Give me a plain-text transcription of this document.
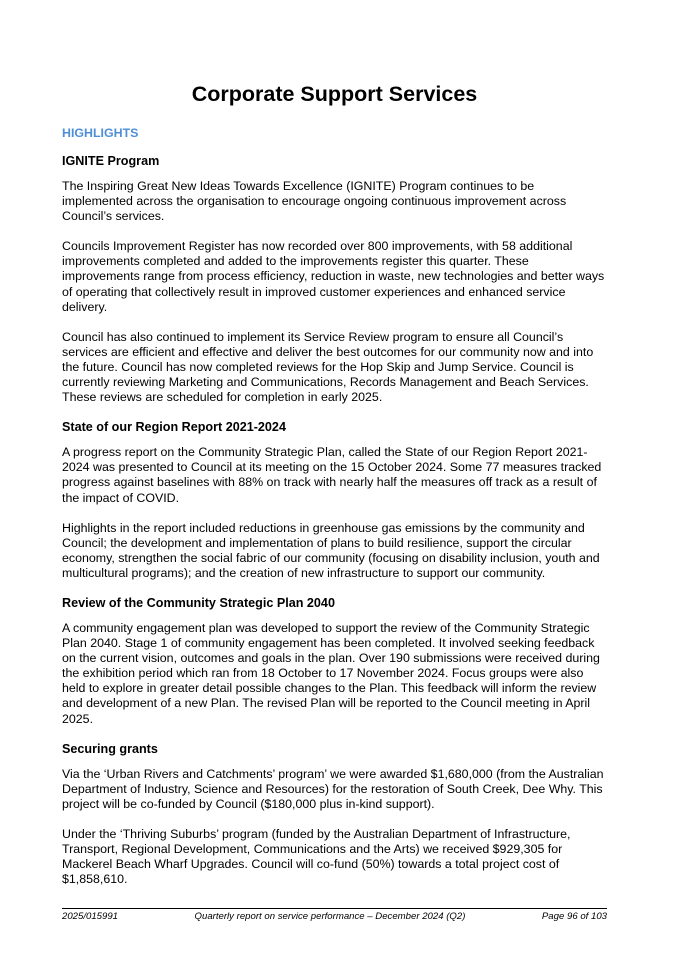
Corporate Support Services
HIGHLIGHTS
IGNITE Program

The Inspiring Great New Ideas Towards Excellence (IGNITE) Program continues to be implemented across the organisation to encourage ongoing continuous improvement across Council’s services.

Councils Improvement Register has now recorded over 800 improvements, with 58 additional improvements completed and added to the improvements register this quarter. These improvements range from process efficiency, reduction in waste, new technologies and better ways of operating that collectively result in improved customer experiences and enhanced service delivery.

Council has also continued to implement its Service Review program to ensure all Council’s services are efficient and effective and deliver the best outcomes for our community now and into the future. Council has now completed reviews for the Hop Skip and Jump Service. Council is currently reviewing Marketing and Communications, Records Management and Beach Services. These reviews are scheduled for completion in early 2025.

State of our Region Report 2021-2024

A progress report on the Community Strategic Plan, called the State of our Region Report 2021-2024 was presented to Council at its meeting on the 15 October 2024. Some 77 measures tracked progress against baselines with 88% on track with nearly half the measures off track as a result of the impact of COVID.

Highlights in the report included reductions in greenhouse gas emissions by the community and Council; the development and implementation of plans to build resilience, support the circular economy, strengthen the social fabric of our community (focusing on disability inclusion, youth and multicultural programs); and the creation of new infrastructure to support our community.

Review of the Community Strategic Plan 2040

A community engagement plan was developed to support the review of the Community Strategic Plan 2040. Stage 1 of community engagement has been completed. It involved seeking feedback on the current vision, outcomes and goals in the plan. Over 190 submissions were received during the exhibition period which ran from 18 October to 17 November 2024. Focus groups were also held to explore in greater detail possible changes to the Plan. This feedback will inform the review and development of a new Plan. The revised Plan will be reported to the Council meeting in April 2025.

Securing grants

Via the ‘Urban Rivers and Catchments’ program’ we were awarded $1,680,000 (from the Australian Department of Industry, Science and Resources) for the restoration of South Creek, Dee Why. This project will be co-funded by Council ($180,000 plus in-kind support).

Under the ‘Thriving Suburbs’ program (funded by the Australian Department of Infrastructure, Transport, Regional Development, Communications and the Arts) we received $929,305 for Mackerel Beach Wharf Upgrades. Council will co-fund (50%) towards a total project cost of $1,858,610.

2025/015991	Quarterly report on service performance – December 2024 (Q2)	Page 96 of 103
